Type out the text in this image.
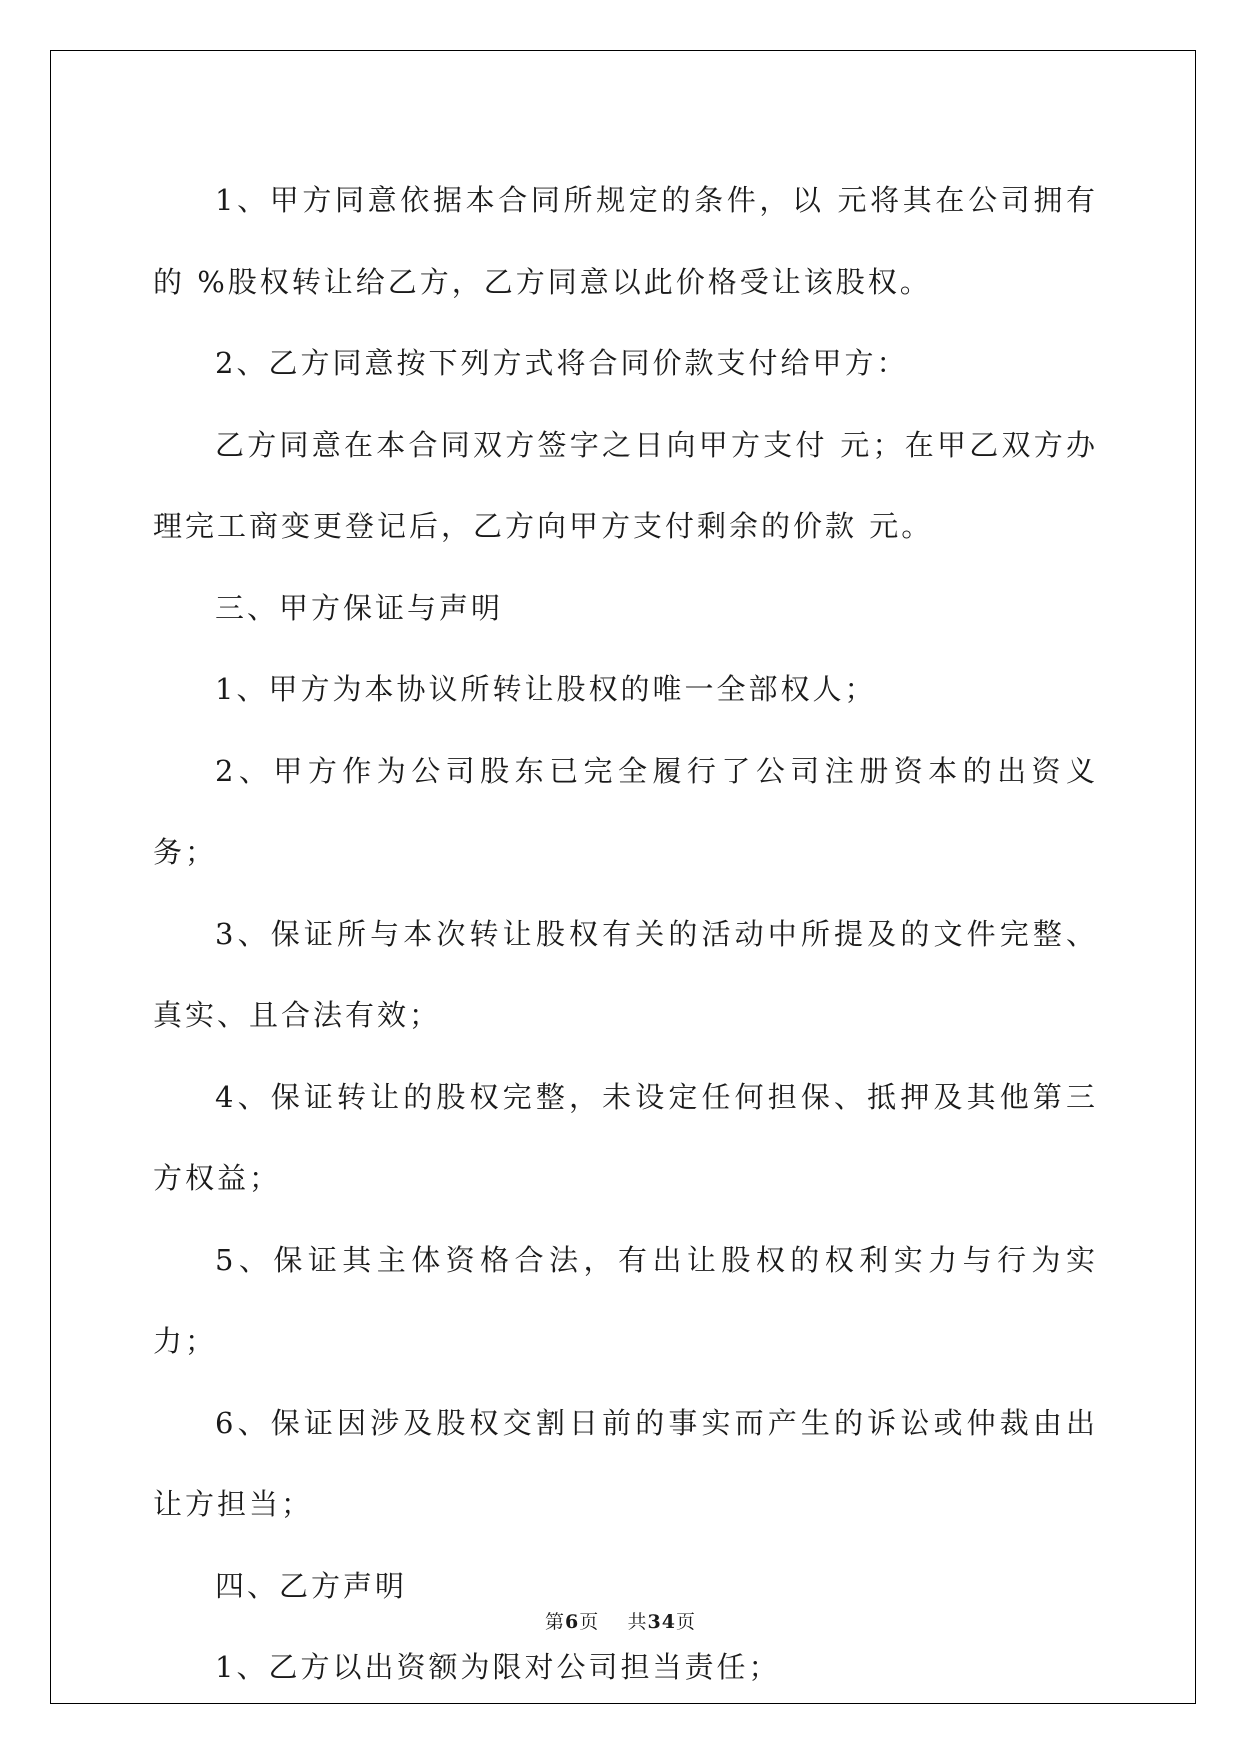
1、甲方同意依据本合同所规定的条件，以 元将其在公司拥有的 %股权转让给乙方，乙方同意以此价格受让该股权。

2、乙方同意按下列方式将合同价款支付给甲方：

乙方同意在本合同双方签字之日向甲方支付 元；在甲乙双方办理完工商变更登记后，乙方向甲方支付剩余的价款 元。

三、甲方保证与声明

1、甲方为本协议所转让股权的唯一全部权人；

2、甲方作为公司股东已完全履行了公司注册资本的出资义务；

3、保证所与本次转让股权有关的活动中所提及的文件完整、真实、且合法有效；

4、保证转让的股权完整，未设定任何担保、抵押及其他第三方权益；

5、保证其主体资格合法，有出让股权的权利实力与行为实力；

6、保证因涉及股权交割日前的事实而产生的诉讼或仲裁由出让方担当；

四、乙方声明

1、乙方以出资额为限对公司担当责任；

第6页 共34页
